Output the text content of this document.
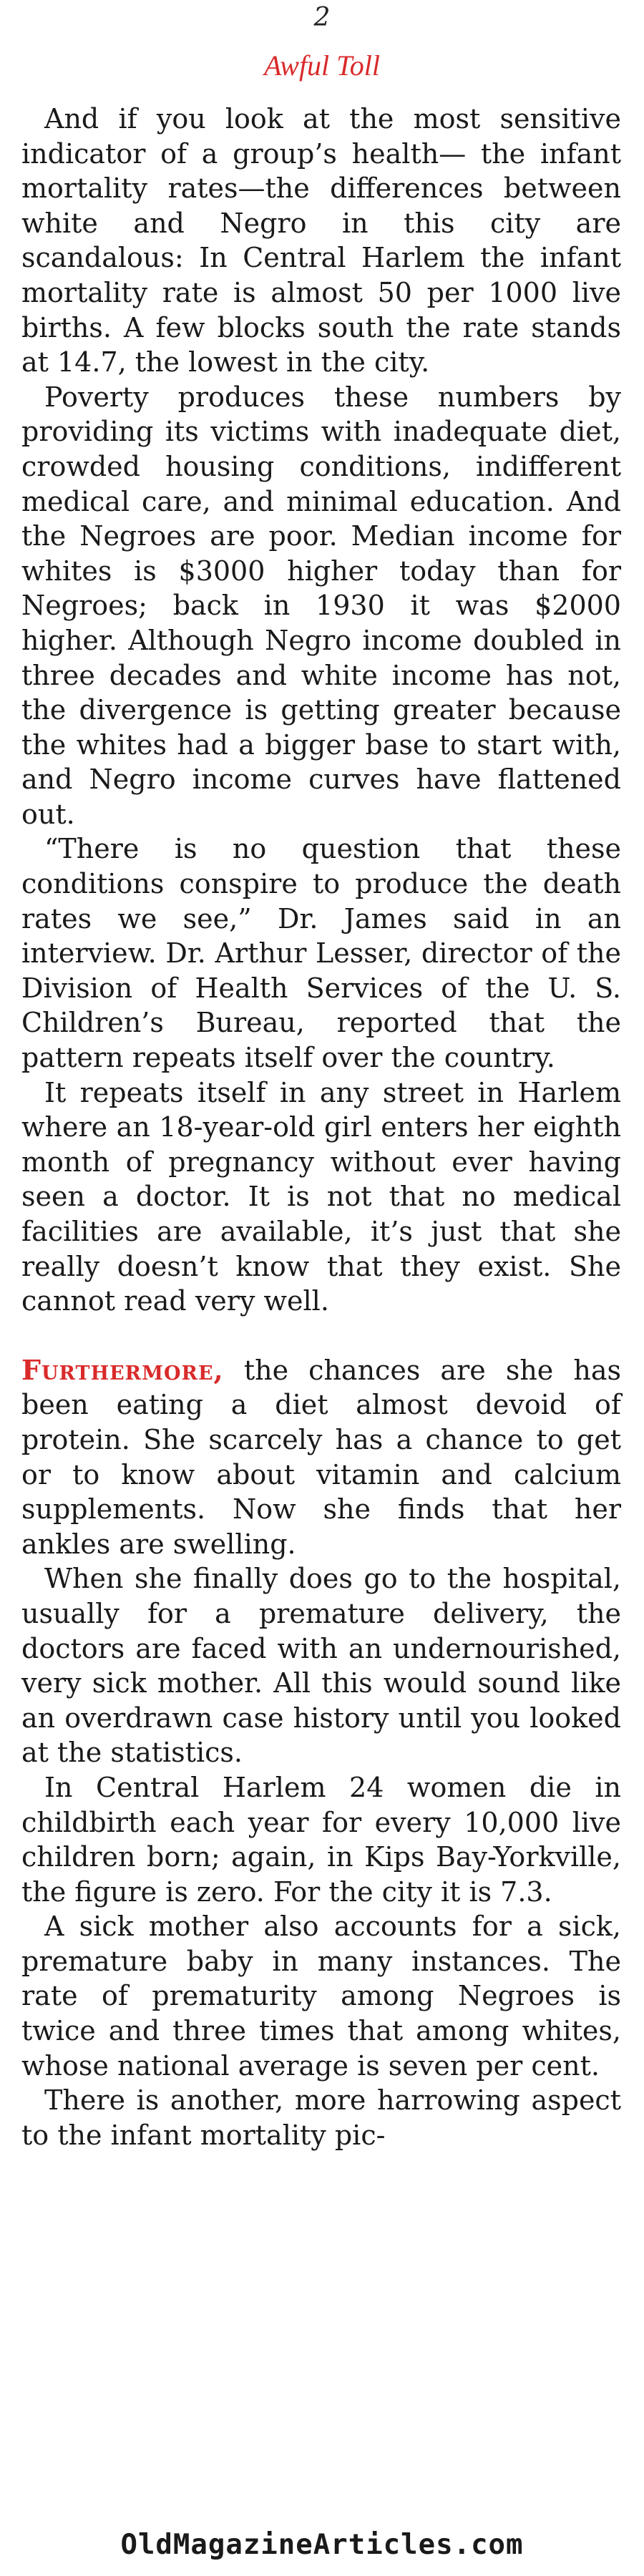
2
Awful Toll

And if you look at the most sensitive indicator of a group’s health— the infant mortality rates—the differences between white and Negro in this city are scandalous: In Central Harlem the infant mortality rate is almost 50 per 1000 live births. A few blocks south the rate stands at 14.7, the lowest in the city.

Poverty produces these numbers by providing its victims with inadequate diet, crowded housing conditions, indifferent medical care, and minimal education. And the Negroes are poor. Median income for whites is $3000 higher today than for Negroes; back in 1930 it was $2000 higher. Although Negro income doubled in three decades and white income has not, the divergence is getting greater because the whites had a bigger base to start with, and Negro income curves have flattened out.

“There is no question that these conditions conspire to produce the death rates we see,” Dr. James said in an interview. Dr. Arthur Lesser, director of the Division of Health Services of the U. S. Children’s Bureau, reported that the pattern repeats itself over the country.

It repeats itself in any street in Harlem where an 18-year-old girl enters her eighth month of pregnancy without ever having seen a doctor. It is not that no medical facilities are available, it’s just that she really doesn’t know that they exist. She cannot read very well.

Furthermore, the chances are she has been eating a diet almost devoid of protein. She scarcely has a chance to get or to know about vitamin and calcium supplements. Now she finds that her ankles are swelling.

When she finally does go to the hospital, usually for a premature delivery, the doctors are faced with an undernourished, very sick mother. All this would sound like an overdrawn case history until you looked at the statistics.

In Central Harlem 24 women die in childbirth each year for every 10,000 live children born; again, in Kips Bay-Yorkville, the figure is zero. For the city it is 7.3.

A sick mother also accounts for a sick, premature baby in many instances. The rate of prematurity among Negroes is twice and three times that among whites, whose national average is seven per cent.

There is another, more harrowing aspect to the infant mortality pic-

OldMagazineArticles.com
